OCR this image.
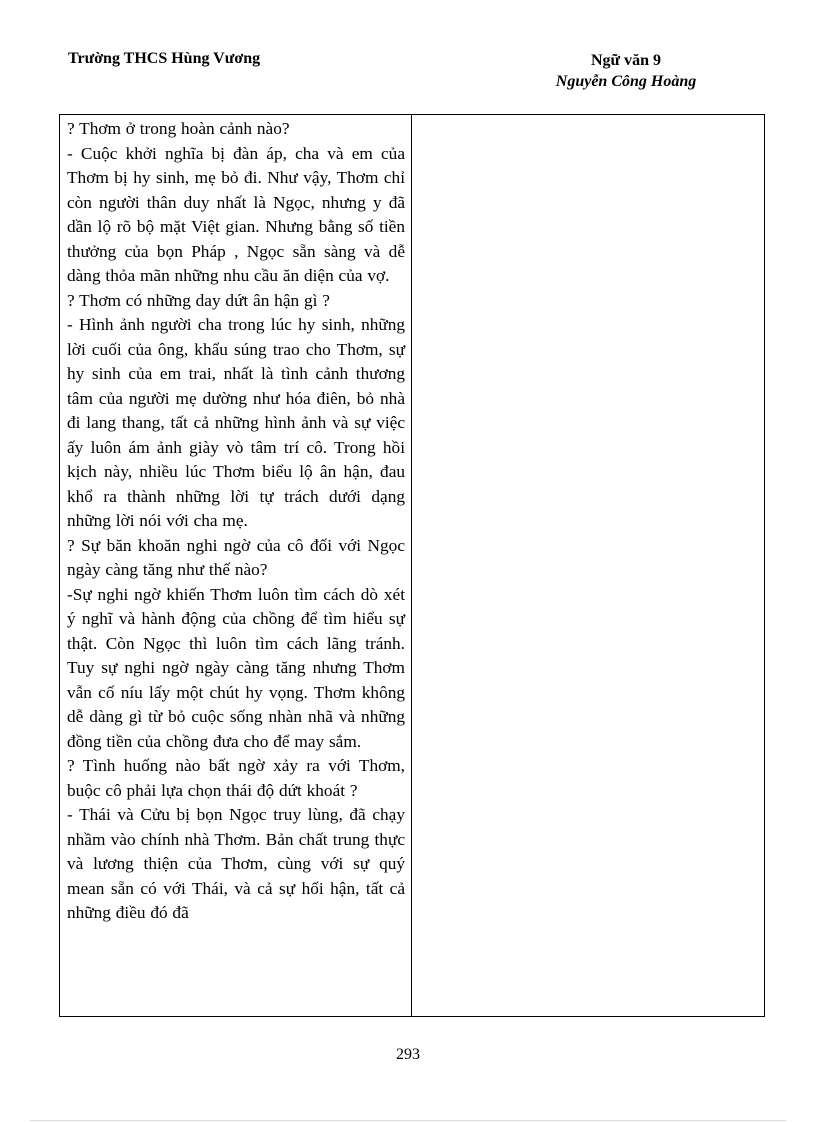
Trường THCS Hùng Vương	Ngữ văn 9
Nguyễn Công Hoàng

? Thơm ở trong hoàn cảnh nào?

- Cuộc khởi nghĩa bị đàn áp, cha và em của Thơm bị hy sinh, mẹ bỏ đi. Như vậy, Thơm chỉ còn người thân duy nhất là Ngọc, nhưng y đã dần lộ rõ bộ mặt Việt gian. Nhưng bằng số tiền thưởng của bọn Pháp , Ngọc sẵn sàng và dễ dàng thỏa mãn những nhu cầu ăn diện của vợ.

? Thơm có những day dứt ân hận gì ?

- Hình ảnh người cha trong lúc hy sinh, những lời cuối của ông, khẩu súng trao cho Thơm, sự hy sinh của em trai, nhất là tình cảnh thương tâm của người mẹ dường như hóa điên, bỏ nhà đi lang thang, tất cả những hình ảnh và sự việc ấy luôn ám ảnh giày vò tâm trí cô. Trong hồi kịch này, nhiều lúc Thơm biểu lộ ân hận, đau khổ ra thành những lời tự trách dưới dạng những lời nói với cha mẹ.

? Sự băn khoăn nghi ngờ của cô đối với Ngọc ngày càng tăng như thế nào?

-Sự nghi ngờ khiến Thơm luôn tìm cách dò xét ý nghĩ và hành động của chồng để tìm hiểu sự thật. Còn Ngọc thì luôn tìm cách lãng tránh. Tuy sự nghi ngờ ngày càng tăng nhưng Thơm vẫn cố níu lấy một chút hy vọng. Thơm không dễ dàng gì từ bỏ cuộc sống nhàn nhã và những đồng tiền của chồng đưa cho để may sắm.

? Tình huống nào bất ngờ xảy ra với Thơm, buộc cô phải lựa chọn thái độ dứt khoát ?

- Thái và Cửu bị bọn Ngọc truy lùng, đã chạy nhầm vào chính nhà Thơm. Bản chất trung thực và lương thiện của Thơm, cùng với sự quý mean sẵn có với Thái, và cả sự hối hận, tất cả những điều đó đã

293
